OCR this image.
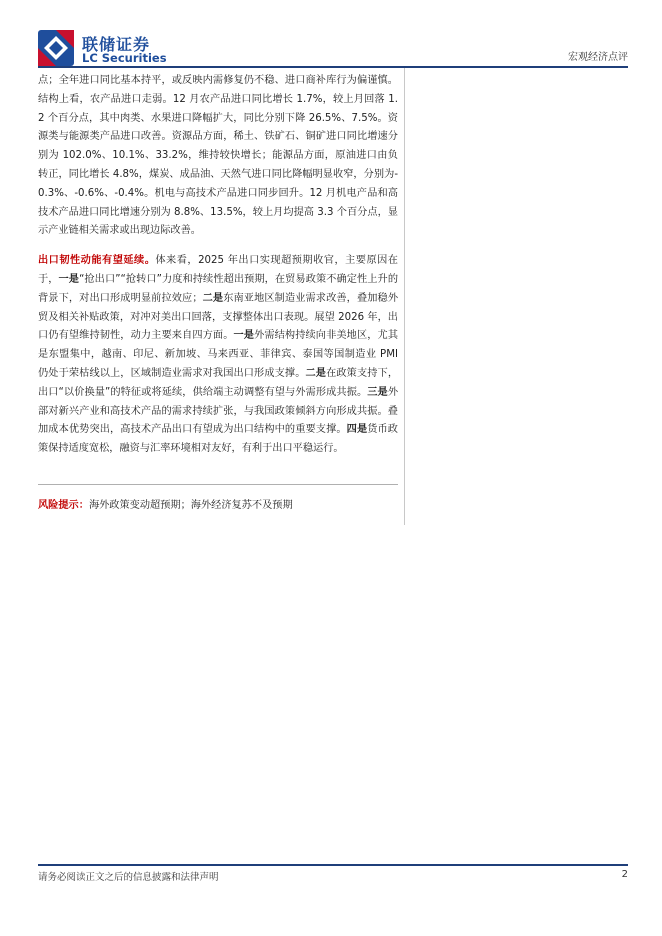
联储证券
LC Securities	宏观经济点评

点；全年进口同比基本持平，或反映内需修复仍不稳、进口商补库行为偏谨慎。结构上看，农产品进口走弱。12 月农产品进口同比增长 1.7%，较上月回落 1.2 个百分点，其中肉类、水果进口降幅扩大，同比分别下降 26.5%、7.5%。资源类与能源类产品进口改善。资源品方面，稀土、铁矿石、铜矿进口同比增速分别为 102.0%、10.1%、33.2%，维持较快增长；能源品方面，原油进口由负转正，同比增长 4.8%，煤炭、成品油、天然气进口同比降幅明显收窄，分别为-0.3%、-0.6%、-0.4%。机电与高技术产品进口同步回升。12 月机电产品和高技术产品进口同比增速分别为 8.8%、13.5%，较上月均提高 3.3 个百分点，显示产业链相关需求或出现边际改善。

出口韧性动能有望延续。体来看，2025 年出口实现超预期收官，主要原因在于，一是“抢出口”“抢转口”力度和持续性超出预期，在贸易政策不确定性上升的背景下，对出口形成明显前拉效应；二是东南亚地区制造业需求改善，叠加稳外贸及相关补贴政策，对冲对美出口回落，支撑整体出口表现。展望 2026 年，出口仍有望维持韧性，动力主要来自四方面。一是外需结构持续向非美地区，尤其是东盟集中，越南、印尼、新加坡、马来西亚、菲律宾、泰国等国制造业 PMI 仍处于荣枯线以上，区域制造业需求对我国出口形成支撑。二是在政策支持下，出口“以价换量”的特征或将延续，供给端主动调整有望与外需形成共振。三是外部对新兴产业和高技术产品的需求持续扩张，与我国政策倾斜方向形成共振。叠加成本优势突出，高技术产品出口有望成为出口结构中的重要支撑。四是货币政策保持适度宽松，融资与汇率环境相对友好，有利于出口平稳运行。

风险提示：海外政策变动超预期；海外经济复苏不及预期
请务必阅读正文之后的信息披露和法律声明	2
